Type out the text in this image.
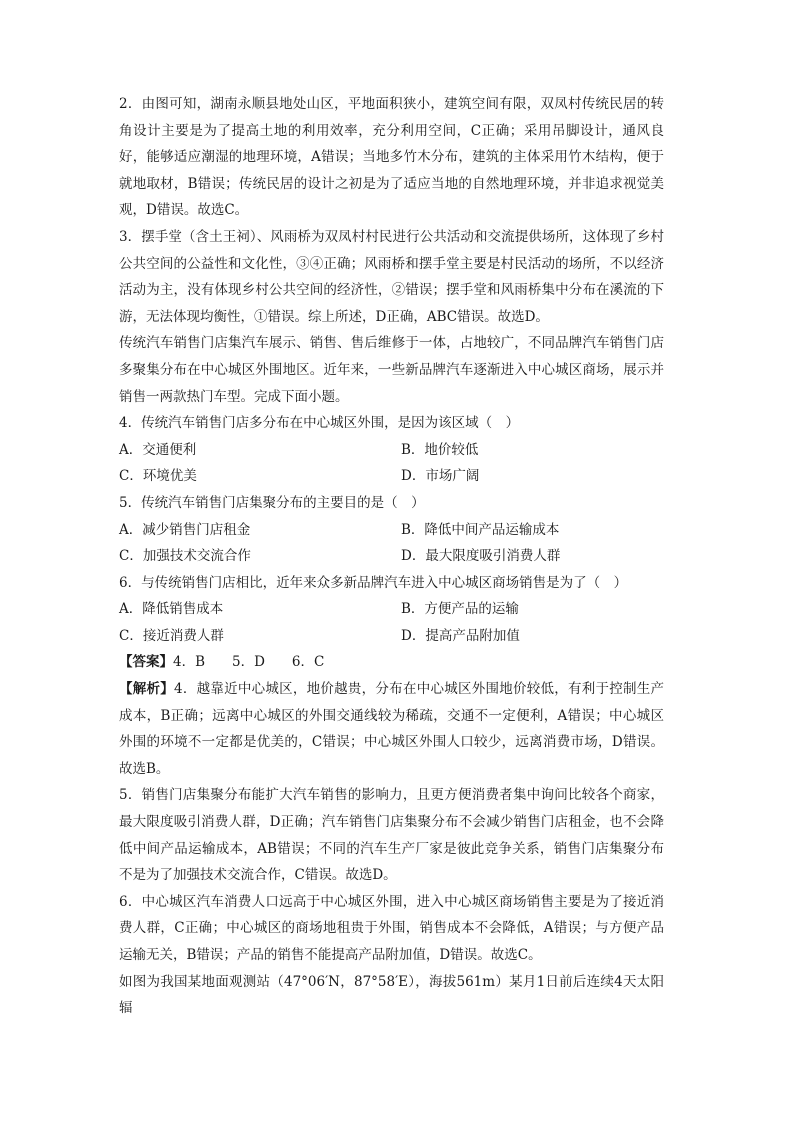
2．由图可知，湖南永顺县地处山区，平地面积狭小，建筑空间有限，双凤村传统民居的转角设计主要是为了提高土地的利用效率，充分利用空间，C正确；采用吊脚设计，通风良好，能够适应潮湿的地理环境，A错误；当地多竹木分布，建筑的主体采用竹木结构，便于就地取材，B错误；传统民居的设计之初是为了适应当地的自然地理环境，并非追求视觉美观，D错误。故选C。

3．摆手堂（含土王祠）、风雨桥为双凤村村民进行公共活动和交流提供场所，这体现了乡村公共空间的公益性和文化性，③④正确；风雨桥和摆手堂主要是村民活动的场所，不以经济活动为主，没有体现乡村公共空间的经济性，②错误；摆手堂和风雨桥集中分布在溪流的下游，无法体现均衡性，①错误。综上所述，D正确，ABC错误。故选D。

传统汽车销售门店集汽车展示、销售、售后维修于一体，占地较广，不同品牌汽车销售门店多聚集分布在中心城区外围地区。近年来，一些新品牌汽车逐渐进入中心城区商场，展示并销售一两款热门车型。完成下面小题。

4．传统汽车销售门店多分布在中心城区外围，是因为该区域（　）

A．交通便利	B．地价较低
C．环境优美	D．市场广阔

5．传统汽车销售门店集聚分布的主要目的是（　）

A．减少销售门店租金	B．降低中间产品运输成本
C．加强技术交流合作	D．最大限度吸引消费人群

6．与传统销售门店相比，近年来众多新品牌汽车进入中心城区商场销售是为了（　）

A．降低销售成本	B．方便产品的运输
C．接近消费人群	D．提高产品附加值

【答案】4．B　　5．D　　6．C

【解析】4．越靠近中心城区，地价越贵，分布在中心城区外围地价较低，有利于控制生产成本，B正确；远离中心城区的外围交通线较为稀疏，交通不一定便利，A错误；中心城区外围的环境不一定都是优美的，C错误；中心城区外围人口较少，远离消费市场，D错误。故选B。

5．销售门店集聚分布能扩大汽车销售的影响力，且更方便消费者集中询问比较各个商家，最大限度吸引消费人群，D正确；汽车销售门店集聚分布不会减少销售门店租金，也不会降低中间产品运输成本，AB错误；不同的汽车生产厂家是彼此竞争关系，销售门店集聚分布不是为了加强技术交流合作，C错误。故选D。

6．中心城区汽车消费人口远高于中心城区外围，进入中心城区商场销售主要是为了接近消费人群，C正确；中心城区的商场地租贵于外围，销售成本不会降低，A错误；与方便产品运输无关，B错误；产品的销售不能提高产品附加值，D错误。故选C。

如图为我国某地面观测站（47°06′N，87°58′E），海拔561m）某月1日前后连续4天太阳辐
